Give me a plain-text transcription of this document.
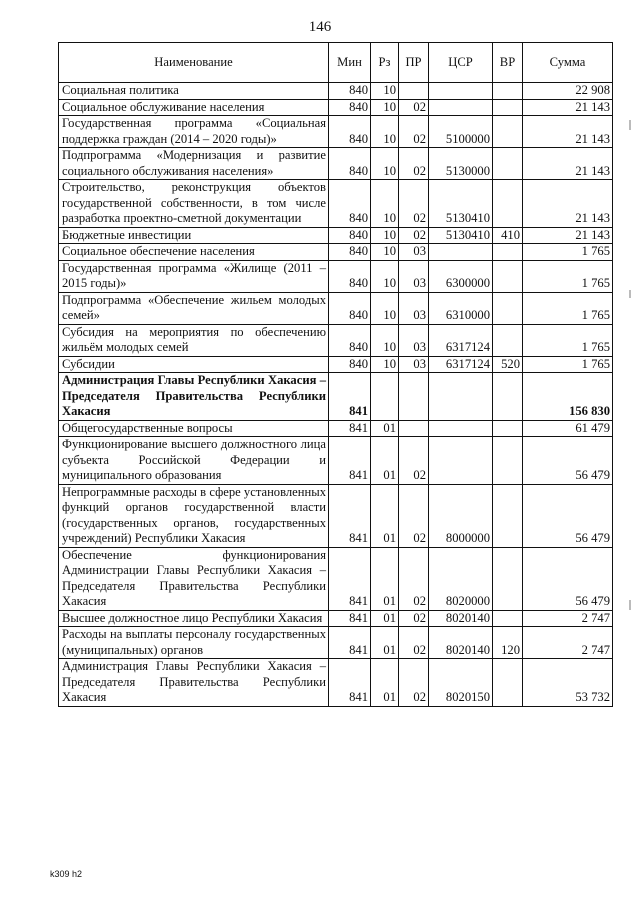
146
Наименование	Мин	Рз	ПР	ЦСР	ВР	Сумма
Социальная политика	840	10				22 908
Социальное обслуживание населения	840	10	02			21 143
Государственная программа «Социальная поддержка граждан (2014 – 2020 годы)»	840	10	02	5100000		21 143
Подпрограмма «Модернизация и развитие социального обслуживания населения»	840	10	02	5130000		21 143
Строительство, реконструкция объектов государственной собственности, в том числе разработка проектно-сметной документации	840	10	02	5130410		21 143
Бюджетные инвестиции	840	10	02	5130410	410	21 143
Социальное обеспечение населения	840	10	03			1 765
Государственная программа «Жилище (2011 – 2015 годы)»	840	10	03	6300000		1 765
Подпрограмма «Обеспечение жильем молодых семей»	840	10	03	6310000		1 765
Субсидия на мероприятия по обеспечению жильём молодых семей	840	10	03	6317124		1 765
Субсидии	840	10	03	6317124	520	1 765
Администрация Главы Республики Хакасия – Председателя Правительства Республики Хакасия	841					156 830
Общегосударственные вопросы	841	01				61 479
Функционирование высшего должностного лица субъекта Российской Федерации и муниципального образования	841	01	02			56 479
Непрограммные расходы в сфере установленных функций органов государственной власти (государственных органов, государственных учреждений) Республики Хакасия	841	01	02	8000000		56 479
Обеспечение функционирования Администрации Главы Республики Хакасия – Председателя Правительства Республики Хакасия	841	01	02	8020000		56 479
Высшее должностное лицо Республики Хакасия	841	01	02	8020140		2 747
Расходы на выплаты персоналу государственных (муниципальных) органов	841	01	02	8020140	120	2 747
Администрация Главы Республики Хакасия – Председателя Правительства Республики Хакасия	841	01	02	8020150		53 732
k309 h2
